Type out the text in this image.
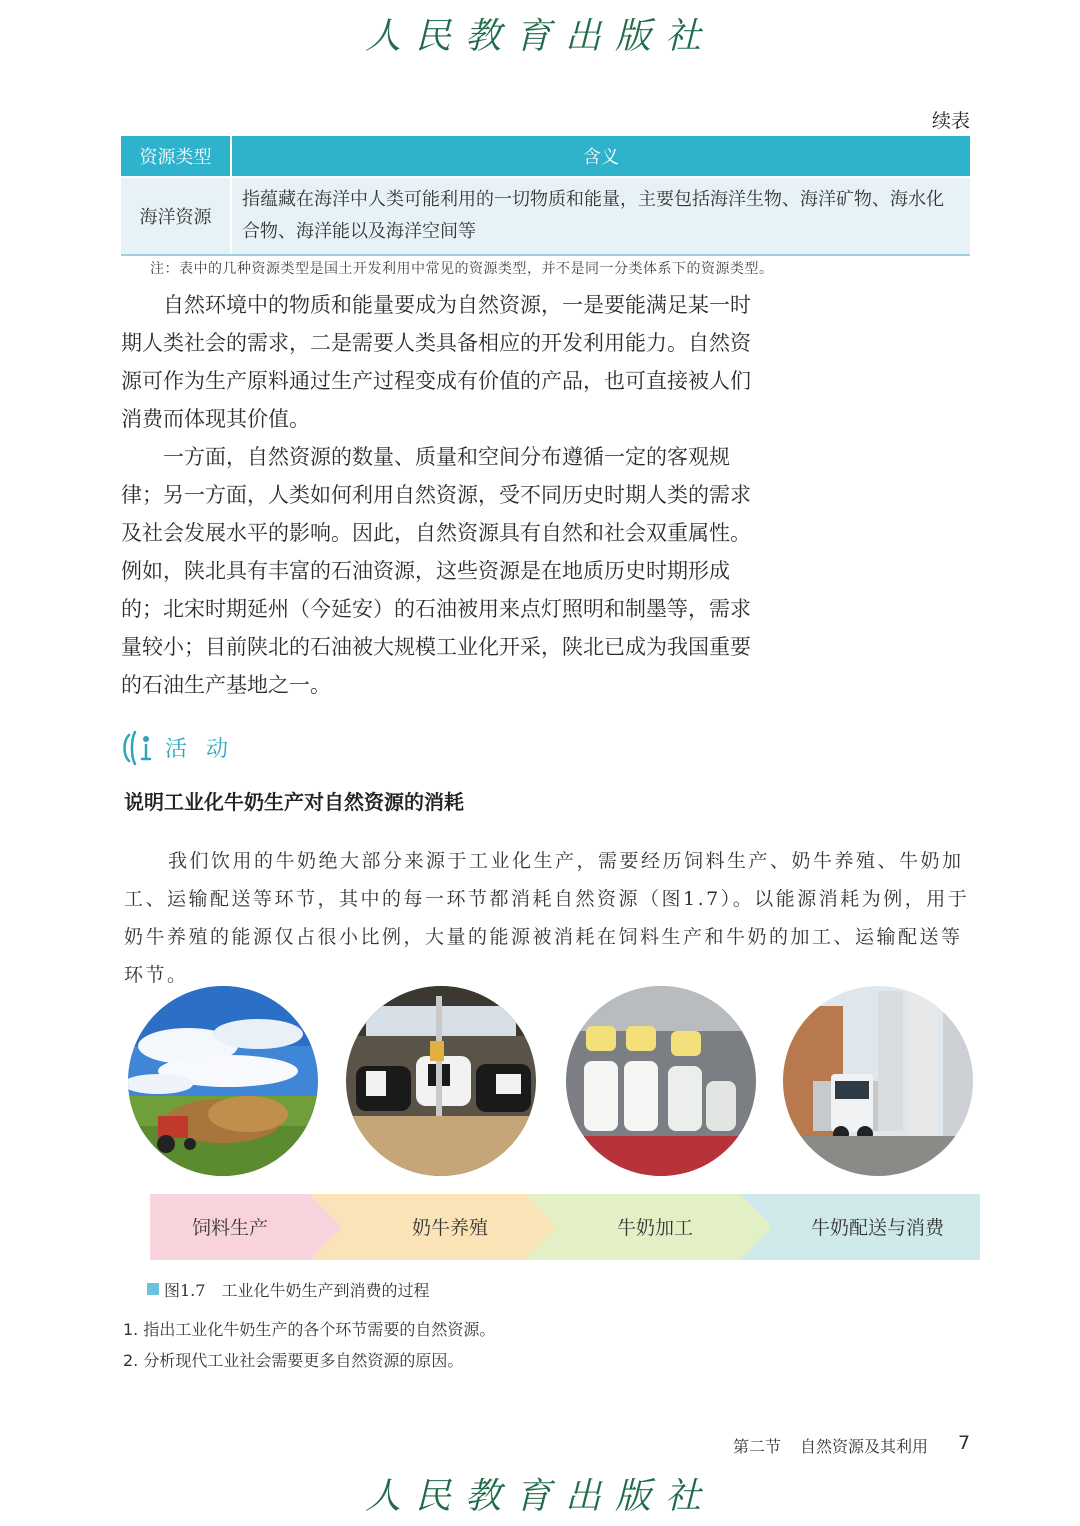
人民教育出版社
续表
资源类型	含义
海洋资源	指蕴藏在海洋中人类可能利用的一切物质和能量，主要包括海洋生物、海洋矿物、海水化合物、海洋能以及海洋空间等
注：表中的几种资源类型是国土开发利用中常见的资源类型，并不是同一分类体系下的资源类型。

自然环境中的物质和能量要成为自然资源，一是要能满足某一时期人类社会的需求，二是需要人类具备相应的开发利用能力。自然资源可作为生产原料通过生产过程变成有价值的产品，也可直接被人们消费而体现其价值。

一方面，自然资源的数量、质量和空间分布遵循一定的客观规律；另一方面，人类如何利用自然资源，受不同历史时期人类的需求及社会发展水平的影响。因此，自然资源具有自然和社会双重属性。例如，陕北具有丰富的石油资源，这些资源是在地质历史时期形成的；北宋时期延州（今延安）的石油被用来点灯照明和制墨等，需求量较小；目前陕北的石油被大规模工业化开采，陕北已成为我国重要的石油生产基地之一。

活 动
说明工业化牛奶生产对自然资源的消耗

我们饮用的牛奶绝大部分来源于工业化生产，需要经历饲料生产、奶牛养殖、牛奶加工、运输配送等环节，其中的每一环节都消耗自然资源（图1.7）。以能源消耗为例，用于奶牛养殖的能源仅占很小比例，大量的能源被消耗在饲料生产和牛奶的加工、运输配送等环节。

饲料生产	奶牛养殖	牛奶加工	牛奶配送与消费
图1.7　工业化牛奶生产到消费的过程
1. 指出工业化牛奶生产的各个环节需要的自然资源。
2. 分析现代工业社会需要更多自然资源的原因。
第二节 自然资源及其利用 7
人民教育出版社
